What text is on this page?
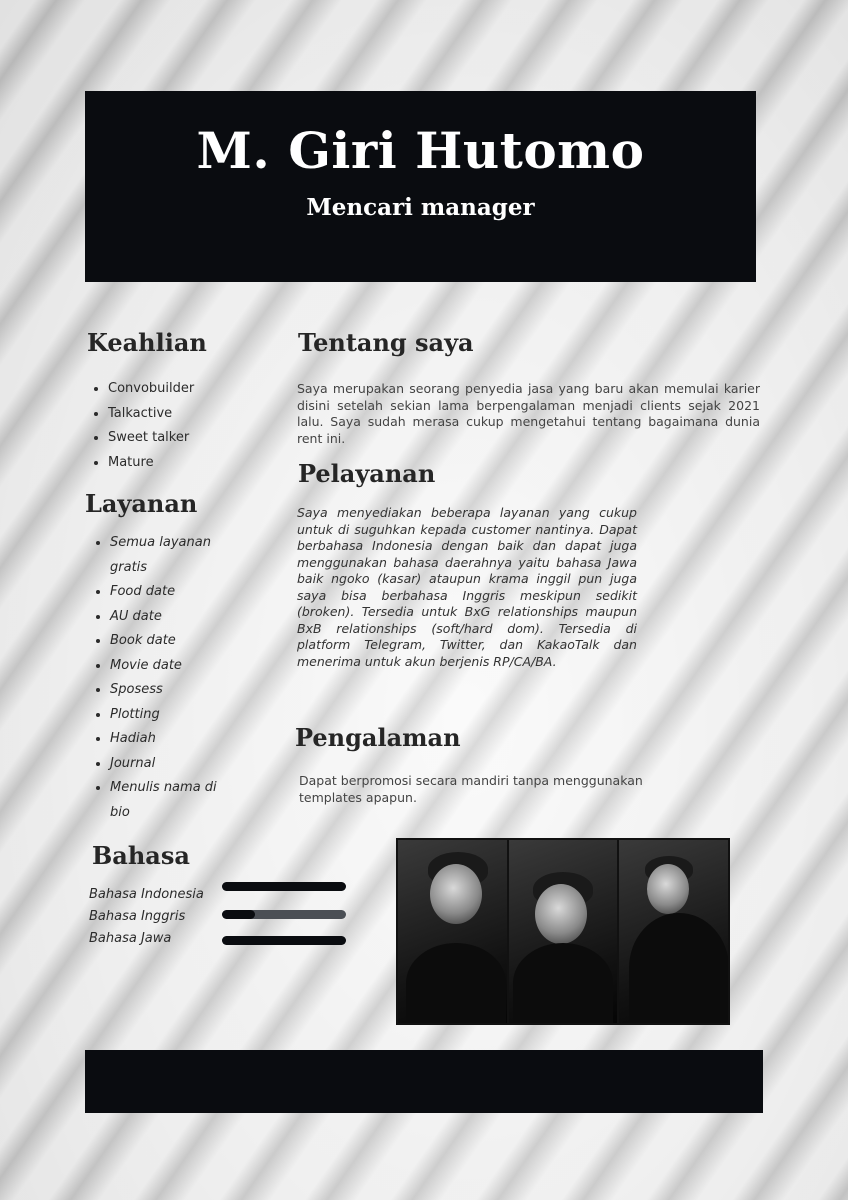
M. Giri Hutomo
Mencari manager
Keahlian
• Convobuilder
• Talkactive
• Sweet talker
• Mature
Layanan
• Semua layanan gratis
• Food date
• AU date
• Book date
• Movie date
• Sposess
• Plotting
• Hadiah
• Journal
• Menulis nama di bio
Bahasa
Bahasa Indonesia
Bahasa Inggris
Bahasa Jawa
Tentang saya
Saya merupakan seorang penyedia jasa yang baru akan memulai karier disini setelah sekian lama berpengalaman menjadi clients sejak 2021 lalu. Saya sudah merasa cukup mengetahui tentang bagaimana dunia rent ini.
Pelayanan
Saya menyediakan beberapa layanan yang cukup untuk di suguhkan kepada customer nantinya. Dapat berbahasa Indonesia dengan baik dan dapat juga menggunakan bahasa daerahnya yaitu bahasa Jawa baik ngoko (kasar) ataupun krama inggil pun juga saya bisa berbahasa Inggris meskipun sedikit (broken). Tersedia untuk BxG relationships maupun BxB relationships (soft/hard dom). Tersedia di platform Telegram, Twitter, dan KakaoTalk dan menerima untuk akun berjenis RP/CA/BA.
Pengalaman
Dapat berpromosi secara mandiri tanpa menggunakan templates apapun.
